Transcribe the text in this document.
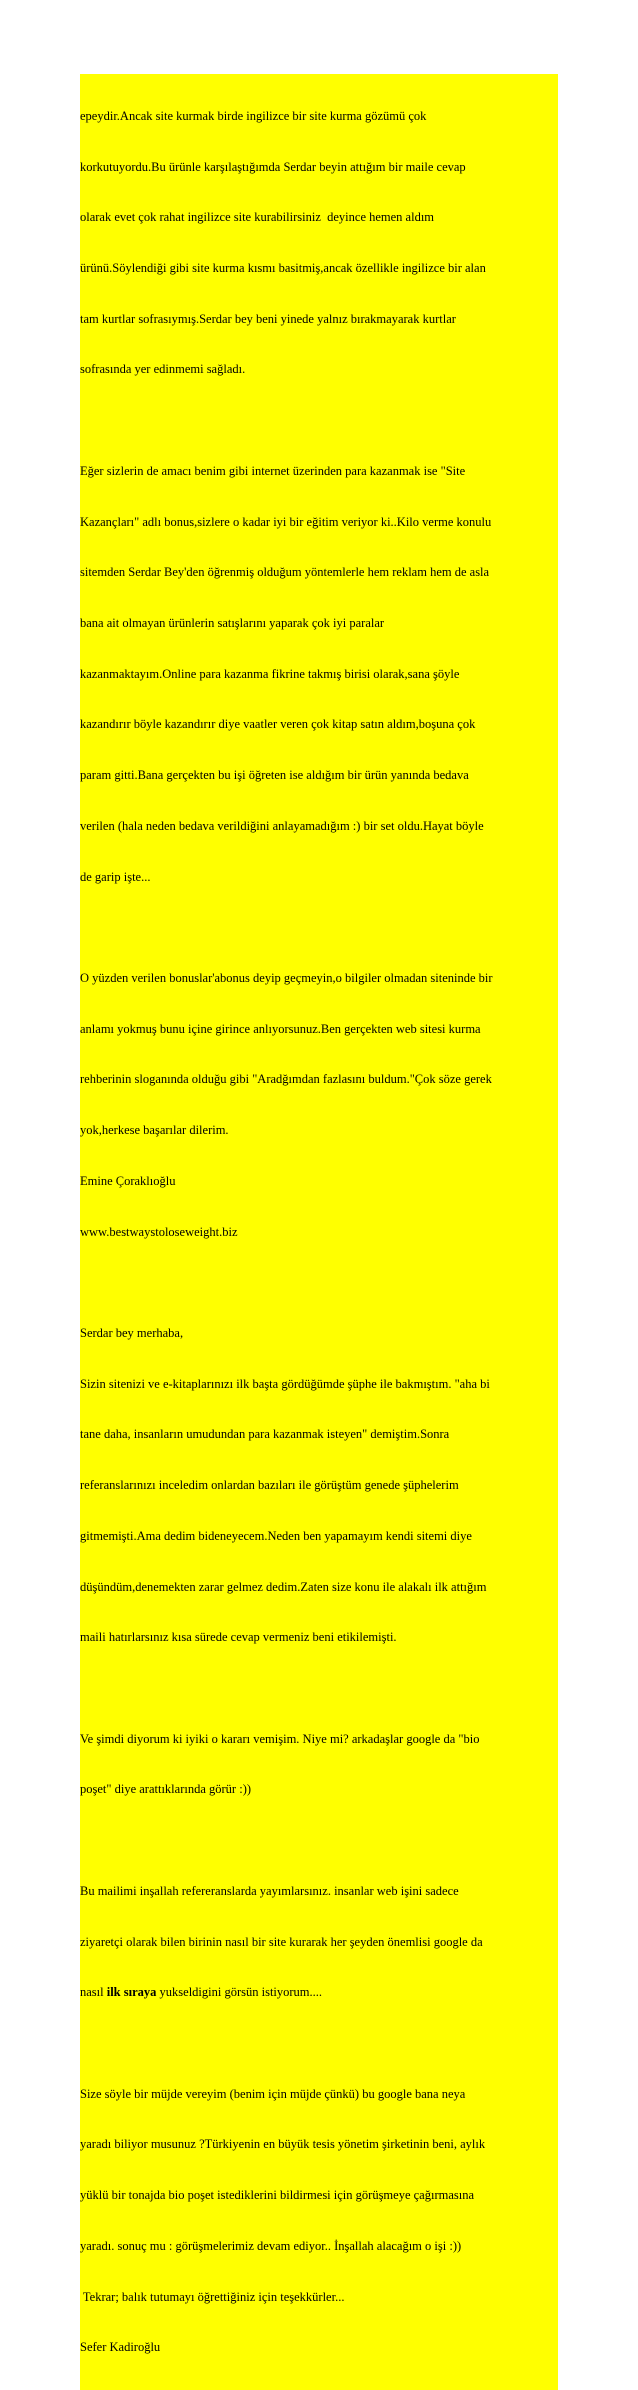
epeydir.Ancak site kurmak birde ingilizce bir site kurma gözümü çok

korkutuyordu.Bu ürünle karşılaştığımda Serdar beyin attığım bir maile cevap

olarak evet çok rahat ingilizce site kurabilirsiniz  deyince hemen aldım

ürünü.Söylendiği gibi site kurma kısmı basitmiş,ancak özellikle ingilizce bir alan

tam kurtlar sofrasıymış.Serdar bey beni yinede yalnız bırakmayarak kurtlar

sofrasında yer edinmemi sağladı.

Eğer sizlerin de amacı benim gibi internet üzerinden para kazanmak ise "Site

Kazançları" adlı bonus,sizlere o kadar iyi bir eğitim veriyor ki..Kilo verme konulu

sitemden Serdar Bey'den öğrenmiş olduğum yöntemlerle hem reklam hem de asla

bana ait olmayan ürünlerin satışlarını yaparak çok iyi paralar

kazanmaktayım.Online para kazanma fikrine takmış birisi olarak,sana şöyle

kazandırır böyle kazandırır diye vaatler veren çok kitap satın aldım,boşuna çok

param gitti.Bana gerçekten bu işi öğreten ise aldığım bir ürün yanında bedava

verilen (hala neden bedava verildiğini anlayamadığım :) bir set oldu.Hayat böyle

de garip işte...

O yüzden verilen bonuslar'abonus deyip geçmeyin,o bilgiler olmadan siteninde bir

anlamı yokmuş bunu içine girince anlıyorsunuz.Ben gerçekten web sitesi kurma

rehberinin sloganında olduğu gibi "Aradğımdan fazlasını buldum."Çok söze gerek

yok,herkese başarılar dilerim.

Emine Çoraklıoğlu

www.bestwaystoloseweight.biz

Serdar bey merhaba,

Sizin sitenizi ve e-kitaplarınızı ilk başta gördüğümde şüphe ile bakmıştım. "aha bi

tane daha, insanların umudundan para kazanmak isteyen" demiştim.Sonra

referanslarınızı inceledim onlardan bazıları ile görüştüm genede şüphelerim

gitmemişti.Ama dedim bideneyecem.Neden ben yapamayım kendi sitemi diye

düşündüm,denemekten zarar gelmez dedim.Zaten size konu ile alakalı ilk attığım

maili hatırlarsınız kısa sürede cevap vermeniz beni etikilemişti.

Ve şimdi diyorum ki iyiki o kararı vemişim. Niye mi? arkadaşlar google da "bio

poşet" diye arattıklarında görür :))

Bu mailimi inşallah refereranslarda yayımlarsınız. insanlar web işini sadece

ziyaretçi olarak bilen birinin nasıl bir site kurarak her şeyden önemlisi google da

nasıl ilk sıraya yukseldigini görsün istiyorum....

Size söyle bir müjde vereyim (benim için müjde çünkü) bu google bana neya

yaradı biliyor musunuz ?Türkiyenin en büyük tesis yönetim şirketinin beni, aylık

yüklü bir tonajda bio poşet istediklerini bildirmesi için görüşmeye çağırmasına

yaradı. sonuç mu : görüşmelerimiz devam ediyor.. İnşallah alacağım o işi :))

Tekrar; balık tutumayı öğrettiğiniz için teşekkürler...

Sefer Kadiroğlu
